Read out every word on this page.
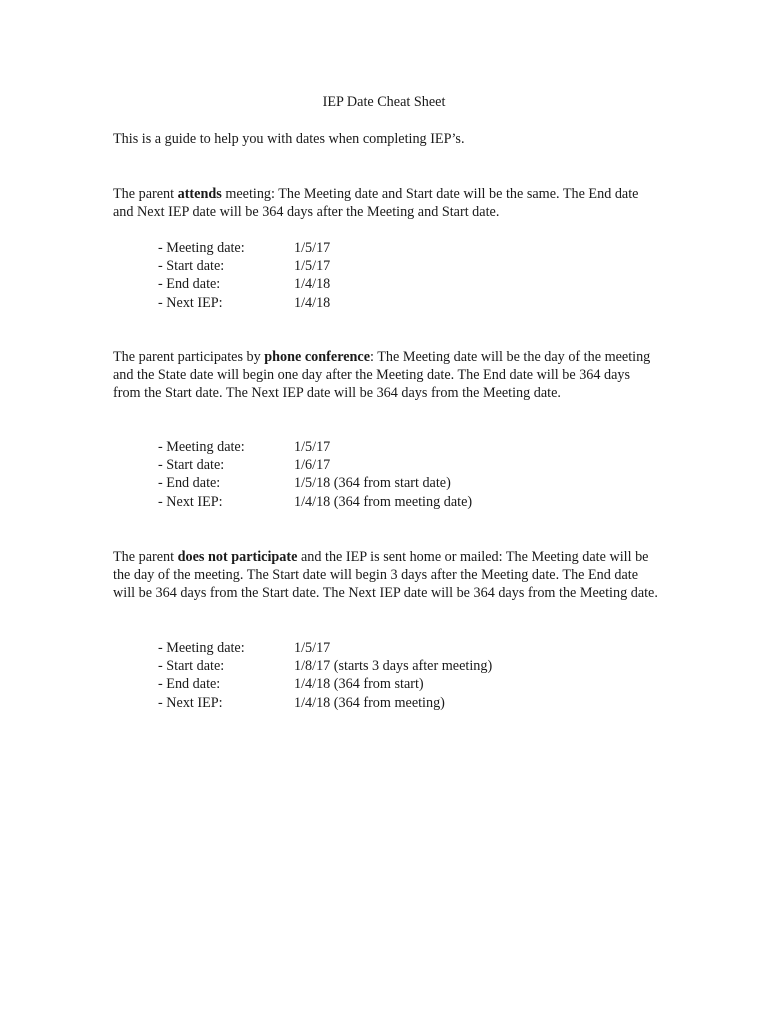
IEP Date Cheat Sheet

This is a guide to help you with dates when completing IEP’s.

The parent attends meeting: The Meeting date and Start date will be the same. The End date and Next IEP date will be 364 days after the Meeting and Start date.

- Meeting date:	1/5/17
- Start date:	1/5/17
- End date:	1/4/18
- Next IEP:	1/4/18

The parent participates by phone conference: The Meeting date will be the day of the meeting and the State date will begin one day after the Meeting date. The End date will be 364 days from the Start date. The Next IEP date will be 364 days from the Meeting date.

- Meeting date:	1/5/17
- Start date:	1/6/17
- End date:	1/5/18 (364 from start date)
- Next IEP:	1/4/18 (364 from meeting date)

The parent does not participate and the IEP is sent home or mailed: The Meeting date will be the day of the meeting. The Start date will begin 3 days after the Meeting date. The End date will be 364 days from the Start date. The Next IEP date will be 364 days from the Meeting date.

- Meeting date:	1/5/17
- Start date:	1/8/17 (starts 3 days after meeting)
- End date:	1/4/18 (364 from start)
- Next IEP:	1/4/18 (364 from meeting)
